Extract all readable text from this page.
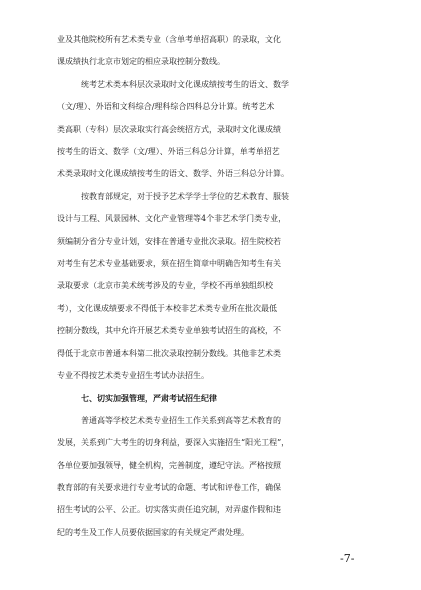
业及其他院校所有艺术类专业（含单考单招高职）的录取，文化
课成绩执行北京市划定的相应录取控制分数线。
统考艺术类本科层次录取时文化课成绩按考生的语文、数学
（文/理）、外语和文科综合/理科综合四科总分计算。统考艺术
类高职（专科）层次录取实行高会统招方式，录取时文化课成绩
按考生的语文、数学（文/理）、外语三科总分计算，单考单招艺
术类录取时文化课成绩按考生的语文、数学、外语三科总分计算。
按教育部规定，对于授予艺术学学士学位的艺术教育、服装
设计与工程、风景园林、文化产业管理等4个非艺术学门类专业，
须编制分省分专业计划，安排在普通专业批次录取。招生院校若
对考生有艺术专业基础要求，须在招生简章中明确告知考生有关
录取要求（北京市美术统考涉及的专业，学校不再单独组织校
考），文化课成绩要求不得低于本校非艺术类专业所在批次最低
控制分数线，其中允许开展艺术类专业单独考试招生的高校，不
得低于北京市普通本科第二批次录取控制分数线。其他非艺术类
专业不得按艺术类专业招生考试办法招生。
七、切实加强管理，严肃考试招生纪律
普通高等学校艺术类专业招生工作关系到高等艺术教育的
发展，关系到广大考生的切身利益，要深入实施招生“阳光工程”，
各单位要加强领导，健全机构，完善制度，遵纪守法。严格按照
教育部的有关要求进行专业考试的命题、考试和评卷工作，确保
招生考试的公平、公正。切实落实责任追究制，对弄虚作假和违
纪的考生及工作人员要依据国家的有关规定严肃处理。
-7-
